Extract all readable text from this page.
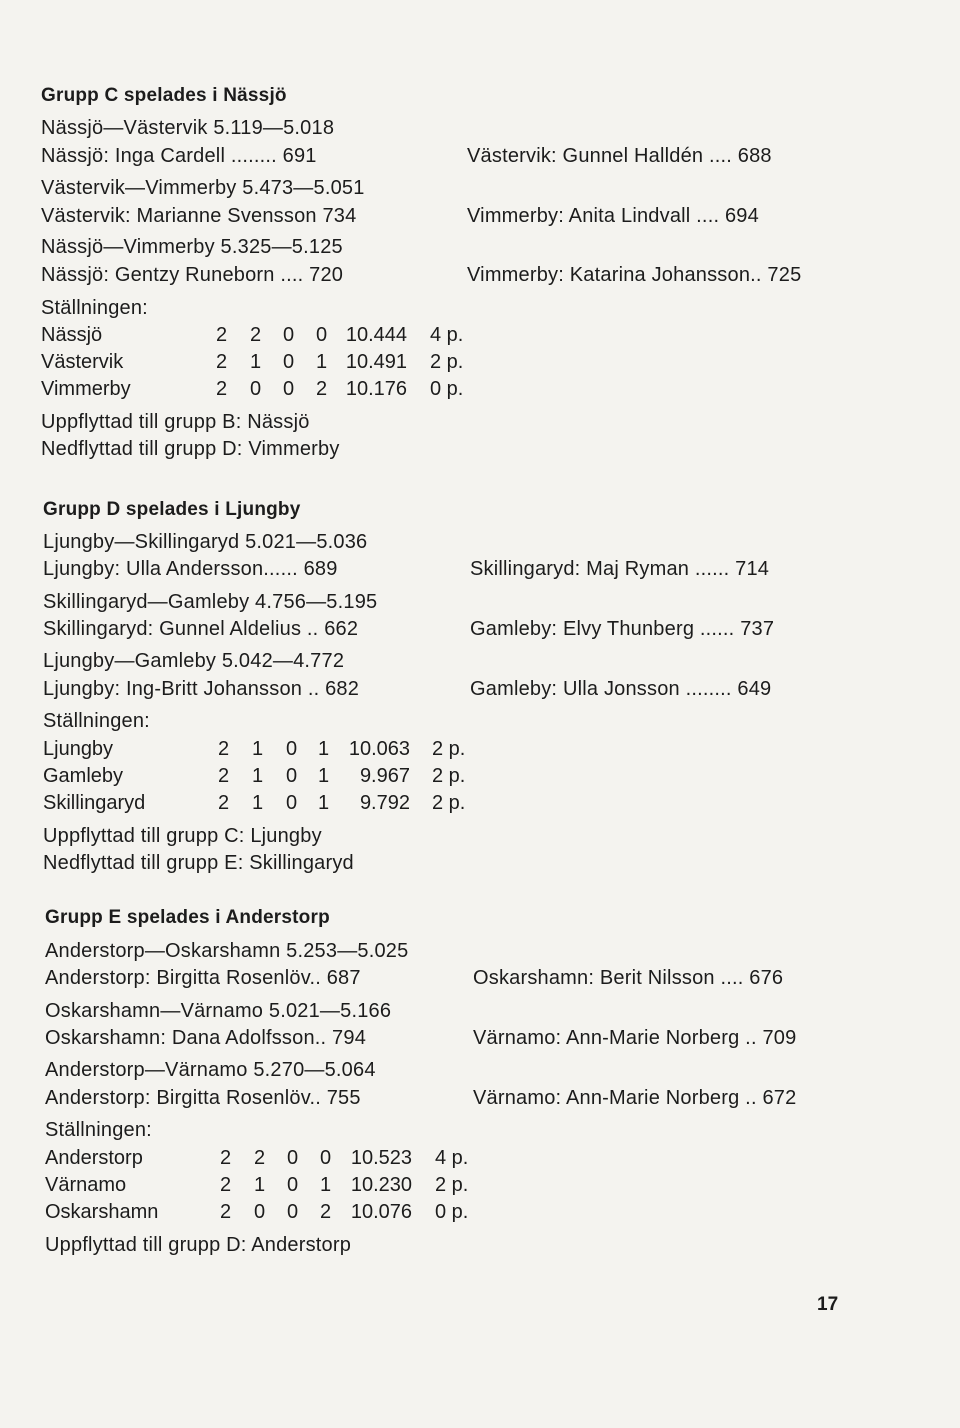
Grupp C spelades i Nässjö
Nässjö—Västervik 5.119—5.018
Nässjö: Inga Cardell ........ 691	Västervik: Gunnel Halldén .... 688
Västervik—Vimmerby 5.473—5.051
Västervik: Marianne Svensson 734	Vimmerby: Anita Lindvall .... 694
Nässjö—Vimmerby 5.325—5.125
Nässjö: Gentzy Runeborn .... 720	Vimmerby: Katarina Johansson.. 725
Ställningen:
Nässjö	2 2 0 0 10.444 4 p.
Västervik	2 1 0 1 10.491 2 p.
Vimmerby	2 0 0 2 10.176 0 p.
Uppflyttad till grupp B: Nässjö
Nedflyttad till grupp D: Vimmerby
Grupp D spelades i Ljungby
Ljungby—Skillingaryd 5.021—5.036
Ljungby: Ulla Andersson...... 689	Skillingaryd: Maj Ryman ...... 714
Skillingaryd—Gamleby 4.756—5.195
Skillingaryd: Gunnel Aldelius .. 662	Gamleby: Elvy Thunberg ...... 737
Ljungby—Gamleby 5.042—4.772
Ljungby: Ing-Britt Johansson .. 682	Gamleby: Ulla Jonsson ........ 649
Ställningen:
Ljungby	2 1 0 1 10.063 2 p.
Gamleby	2 1 0 1	9.967 2 p.
Skillingaryd	2 1 0 1	9.792 2 p.
Uppflyttad till grupp C: Ljungby
Nedflyttad till grupp E: Skillingaryd
Grupp E spelades i Anderstorp
Anderstorp—Oskarshamn 5.253—5.025
Anderstorp: Birgitta Rosenlöv.. 687	Oskarshamn: Berit Nilsson .... 676
Oskarshamn—Värnamo 5.021—5.166
Oskarshamn: Dana Adolfsson.. 794	Värnamo: Ann-Marie Norberg .. 709
Anderstorp—Värnamo 5.270—5.064
Anderstorp: Birgitta Rosenlöv.. 755	Värnamo: Ann-Marie Norberg .. 672
Ställningen:
Anderstorp	2 2 0 0 10.523 4 p.
Värnamo	2 1 0 1 10.230 2 p.
Oskarshamn	2 0 0 2 10.076 0 p.
Uppflyttad till grupp D: Anderstorp
17
